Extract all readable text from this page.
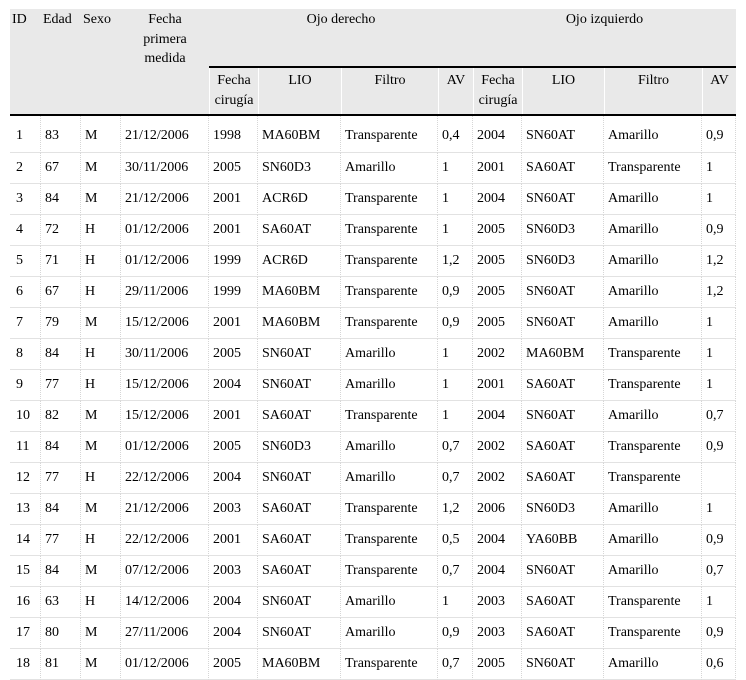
ID	Edad	Sexo	Fecha primera medida	Ojo derecho				Ojo izquierdo			

				Fecha cirugía	LIO	Filtro	AV	Fecha cirugía	LIO	Filtro	AV

1	83	M	21/12/2006	1998	MA60BM	Transparente	0,4	2004	SN60AT	Amarillo	0,9
2	67	M	30/11/2006	2005	SN60D3	Amarillo	1	2001	SA60AT	Transparente	1
3	84	M	21/12/2006	2001	ACR6D	Transparente	1	2004	SN60AT	Amarillo	1
4	72	H	01/12/2006	2001	SA60AT	Transparente	1	2005	SN60D3	Amarillo	0,9
5	71	H	01/12/2006	1999	ACR6D	Transparente	1,2	2005	SN60D3	Amarillo	1,2
6	67	H	29/11/2006	1999	MA60BM	Transparente	0,9	2005	SN60AT	Amarillo	1,2
7	79	M	15/12/2006	2001	MA60BM	Transparente	0,9	2005	SN60AT	Amarillo	1
8	84	H	30/11/2006	2005	SN60AT	Amarillo	1	2002	MA60BM	Transparente	1
9	77	H	15/12/2006	2004	SN60AT	Amarillo	1	2001	SA60AT	Transparente	1
10	82	M	15/12/2006	2001	SA60AT	Transparente	1	2004	SN60AT	Amarillo	0,7
11	84	M	01/12/2006	2005	SN60D3	Amarillo	0,7	2002	SA60AT	Transparente	0,9
12	77	H	22/12/2006	2004	SN60AT	Amarillo	0,7	2002	SA60AT	Transparente	
13	84	M	21/12/2006	2003	SA60AT	Transparente	1,2	2006	SN60D3	Amarillo	1
14	77	H	22/12/2006	2001	SA60AT	Transparente	0,5	2004	YA60BB	Amarillo	0,9
15	84	M	07/12/2006	2003	SA60AT	Transparente	0,7	2004	SN60AT	Amarillo	0,7
16	63	H	14/12/2006	2004	SN60AT	Amarillo	1	2003	SA60AT	Transparente	1
17	80	M	27/11/2006	2004	SN60AT	Amarillo	0,9	2003	SA60AT	Transparente	0,9
18	81	M	01/12/2006	2005	MA60BM	Transparente	0,7	2005	SN60AT	Amarillo	0,6
